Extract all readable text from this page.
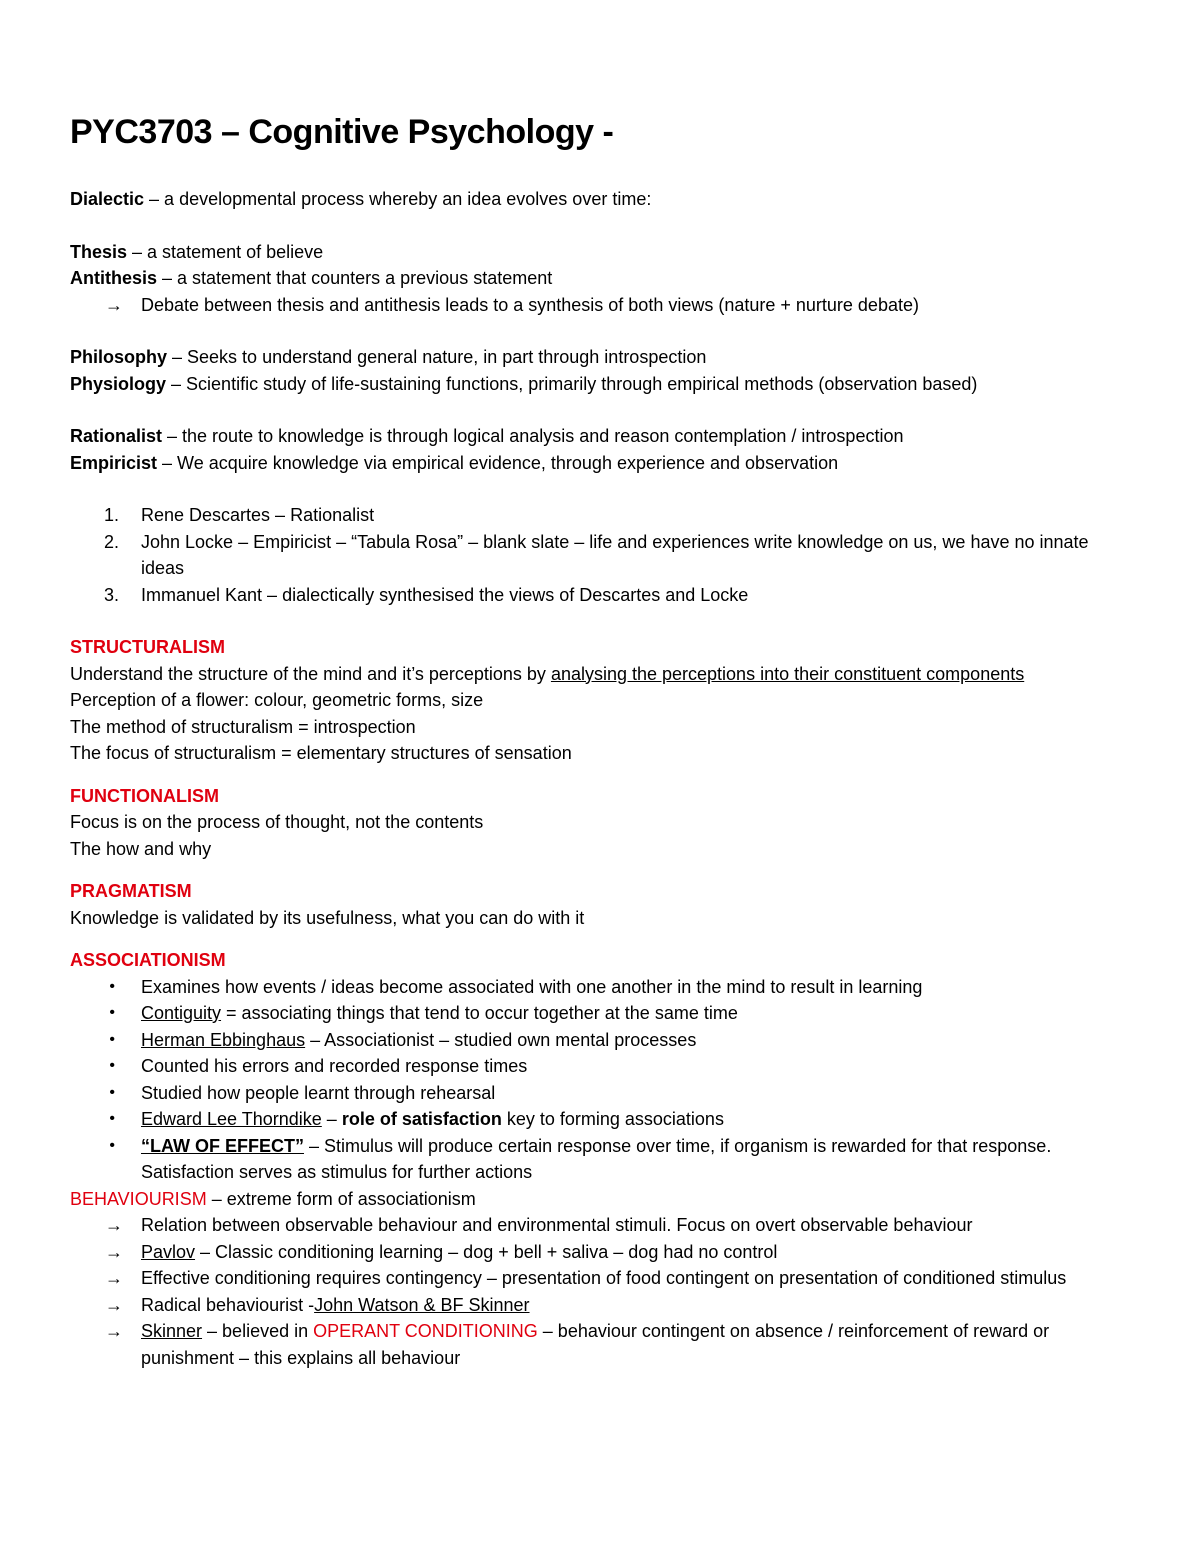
PYC3703 – Cognitive Psychology -

Dialectic – a developmental process whereby an idea evolves over time:

Thesis – a statement of believe

Antithesis – a statement that counters a previous statement

→	Debate between thesis and antithesis leads to a synthesis of both views (nature + nurture debate)

Philosophy – Seeks to understand general nature, in part through introspection

Physiology – Scientific study of life-sustaining functions, primarily through empirical methods (observation based)

Rationalist – the route to knowledge is through logical analysis and reason contemplation / introspection

Empiricist – We acquire knowledge via empirical evidence, through experience and observation

1.	Rene Descartes – Rationalist
2.	John Locke – Empiricist – “Tabula Rosa” – blank slate – life and experiences write knowledge on us, we have no innate ideas
3.	Immanuel Kant – dialectically synthesised the views of Descartes and Locke

STRUCTURALISM

Understand the structure of the mind and it’s perceptions by analysing the perceptions into their constituent components

Perception of a flower: colour, geometric forms, size

The method of structuralism = introspection

The focus of structuralism = elementary structures of sensation

FUNCTIONALISM

Focus is on the process of thought, not the contents

The how and why

PRAGMATISM

Knowledge is validated by its usefulness, what you can do with it

ASSOCIATIONISM

•	Examines how events / ideas become associated with one another in the mind to result in learning
•	Contiguity = associating things that tend to occur together at the same time
•	Herman Ebbinghaus – Associationist – studied own mental processes
•	Counted his errors and recorded response times
•	Studied how people learnt through rehearsal
•	Edward Lee Thorndike – role of satisfaction key to forming associations
•	“LAW OF EFFECT” – Stimulus will produce certain response over time, if organism is rewarded for that response. Satisfaction serves as stimulus for further actions

BEHAVIOURISM – extreme form of associationism

→	Relation between observable behaviour and environmental stimuli. Focus on overt observable behaviour
→	Pavlov – Classic conditioning learning – dog + bell + saliva – dog had no control
→	Effective conditioning requires contingency – presentation of food contingent on presentation of conditioned stimulus
→	Radical behaviourist -John Watson & BF Skinner
→	Skinner – believed in OPERANT CONDITIONING – behaviour contingent on absence / reinforcement of reward or punishment – this explains all behaviour
